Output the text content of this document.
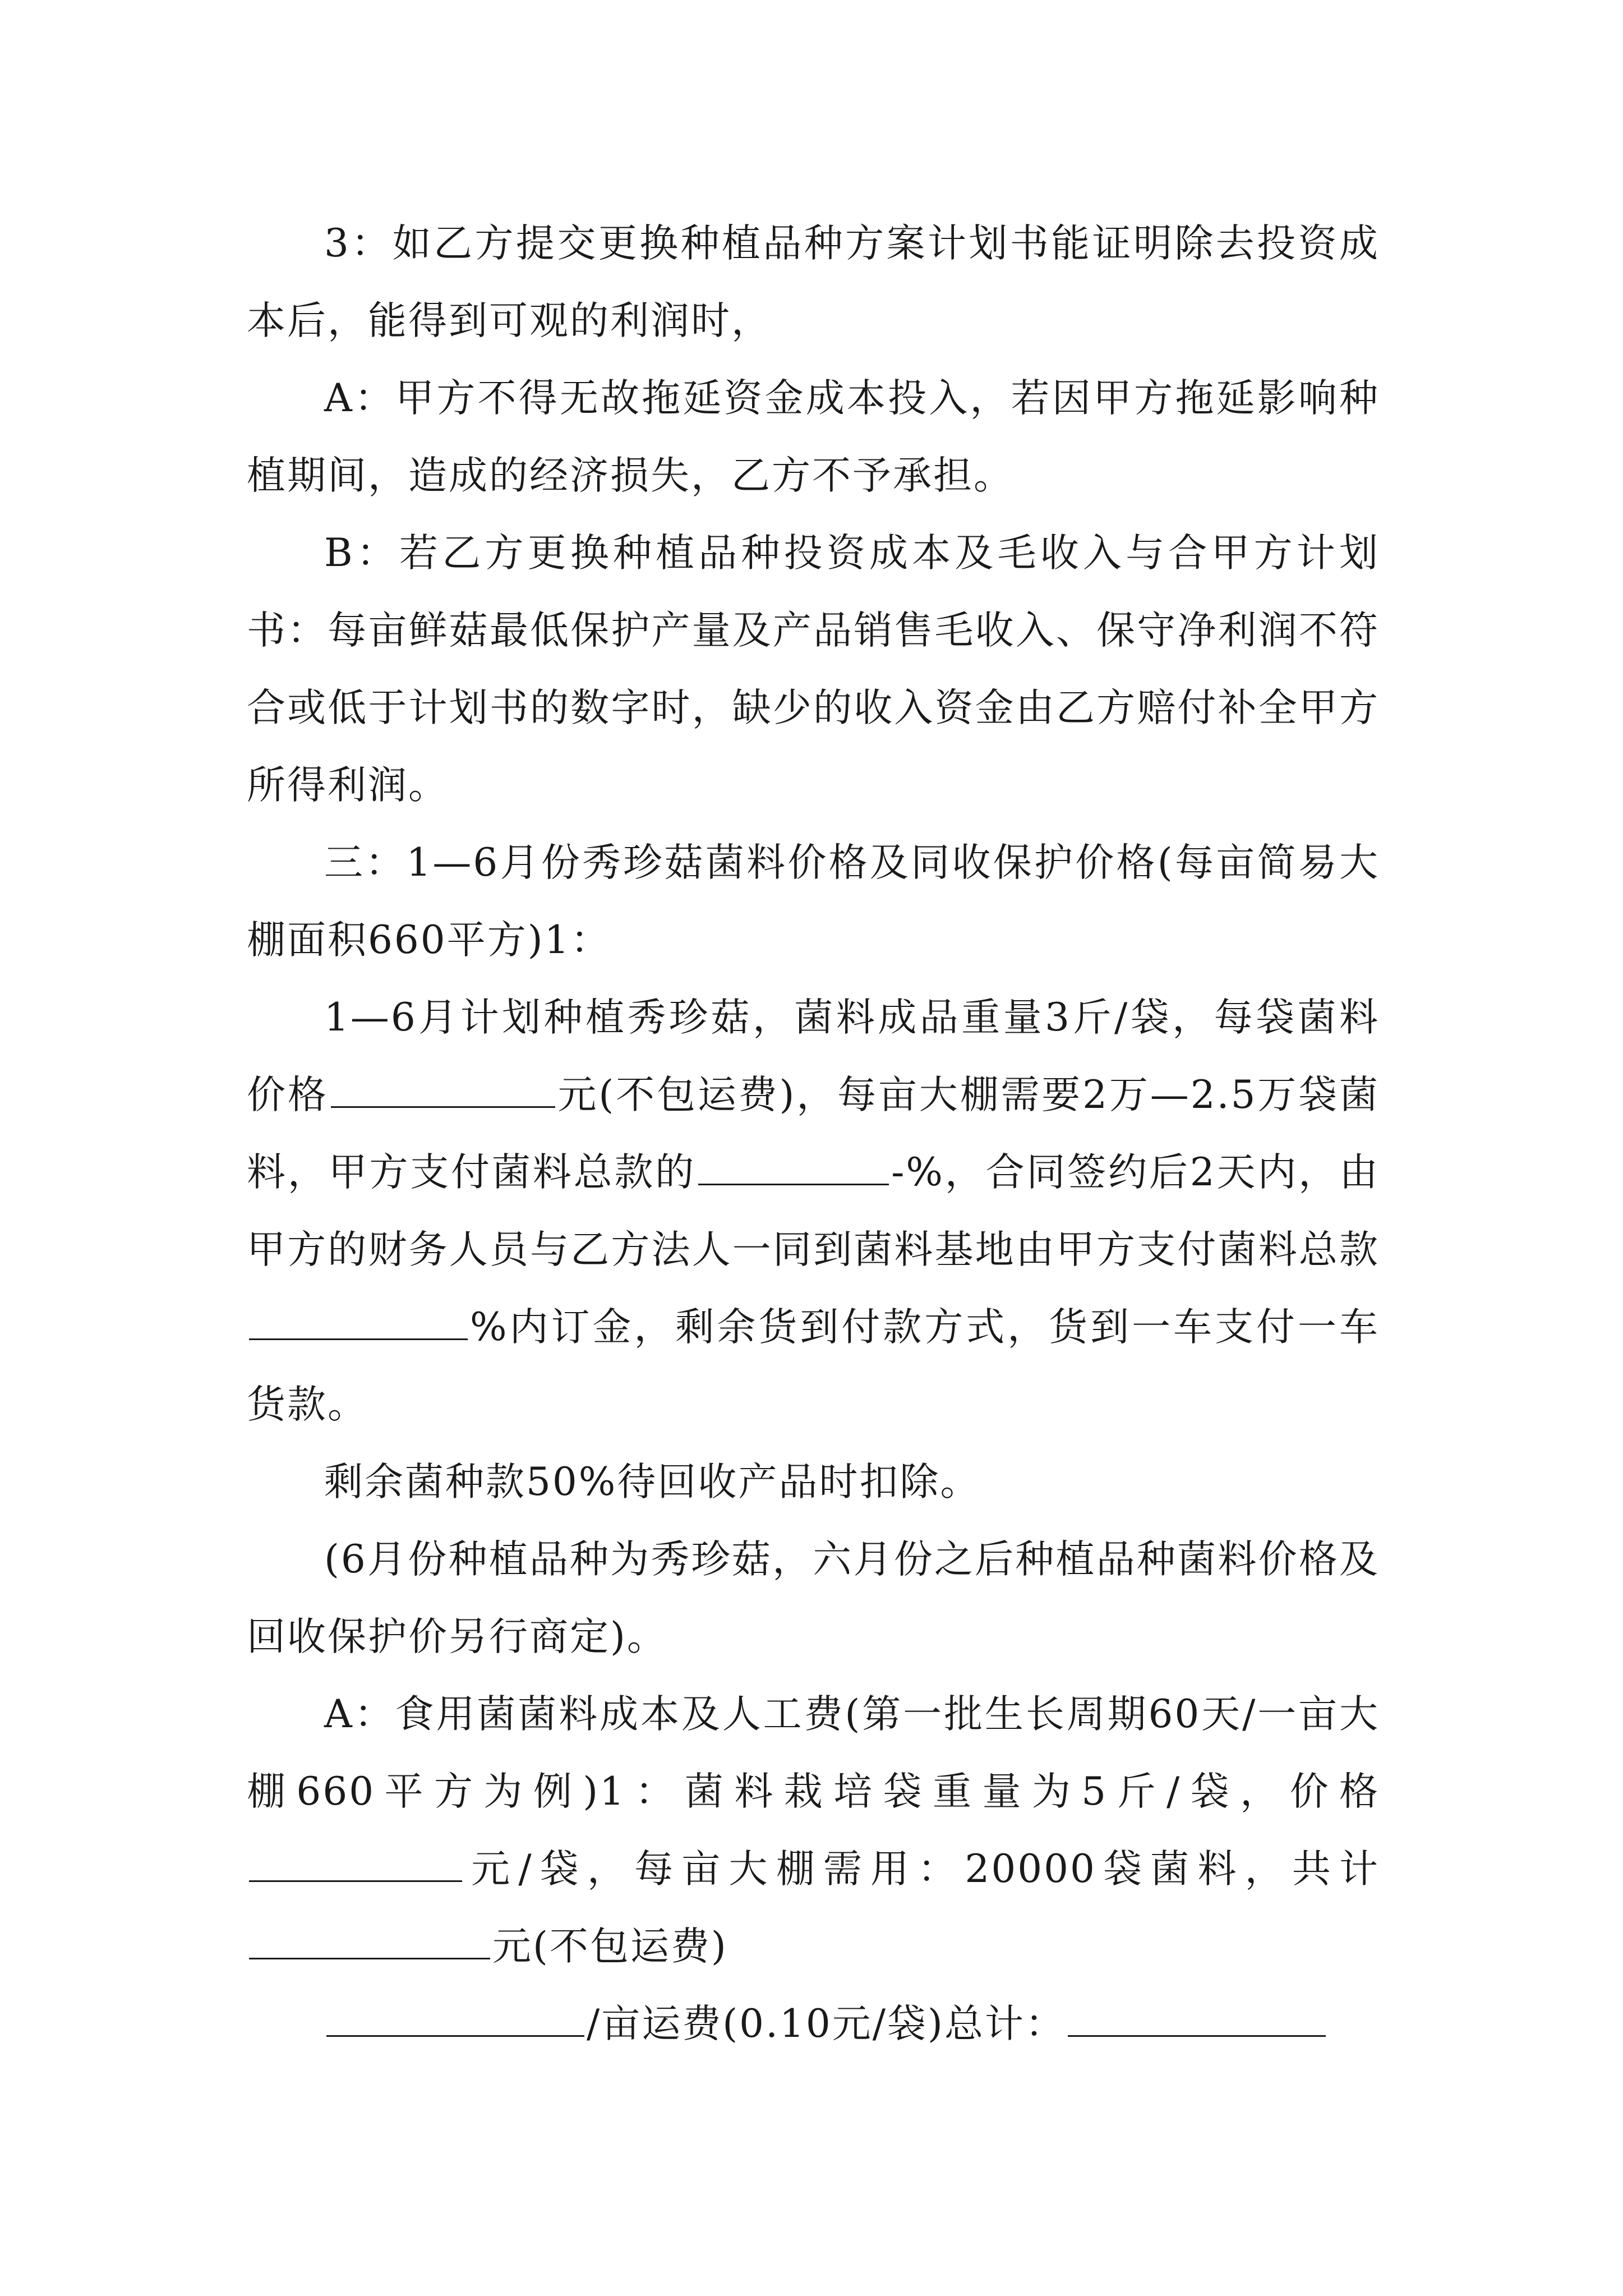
3：如乙方提交更换种植品种方案计划书能证明除去投资成本后，能得到可观的利润时，

A：甲方不得无故拖延资金成本投入，若因甲方拖延影响种植期间，造成的经济损失，乙方不予承担。

B：若乙方更换种植品种投资成本及毛收入与合甲方计划书：每亩鲜菇最低保护产量及产品销售毛收入、保守净利润不符合或低于计划书的数字时，缺少的收入资金由乙方赔付补全甲方所得利润。

三：1—6月份秀珍菇菌料价格及同收保护价格(每亩简易大棚面积660平方)1：

1—6月计划种植秀珍菇，菌料成品重量3斤/袋，每袋菌料价格	元(不包运费)，每亩大棚需要2万—2.5万袋菌料，甲方支付菌料总款的	-%，合同签约后2天内，由甲方的财务人员与乙方法人一同到菌料基地由甲方支付菌料总款%内订金，剩余货到付款方式，货到一车支付一车货款。

剩余菌种款50%待回收产品时扣除。

(6月份种植品种为秀珍菇，六月份之后种植品种菌料价格及回收保护价另行商定)。

A：食用菌菌料成本及人工费(第一批生长周期60天/一亩大棚660平方为例)1：菌料栽培袋重量为5斤/袋，价格元/袋，每亩大棚需用：20000袋菌料，共计元(不包运费)

/亩运费(0.10元/袋)总计：
